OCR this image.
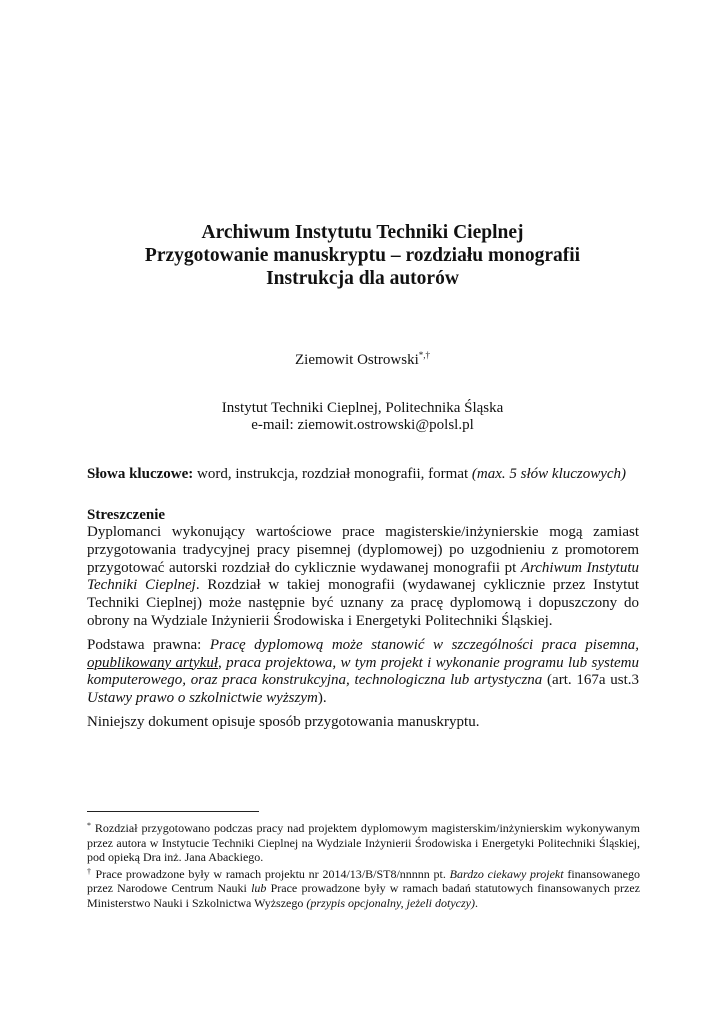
Archiwum Instytutu Techniki Cieplnej
Przygotowanie manuskryptu – rozdziału monografii
Instrukcja dla autorów
Ziemowit Ostrowski*,†
Instytut Techniki Cieplnej, Politechnika Śląska
e-mail: ziemowit.ostrowski@polsl.pl
Słowa kluczowe: word, instrukcja, rozdział monografii, format (max. 5 słów kluczowych)
Streszczenie

Dyplomanci wykonujący wartościowe prace magisterskie/inżynierskie mogą zamiast przygotowania tradycyjnej pracy pisemnej (dyplomowej) po uzgodnieniu z promotorem przygotować autorski rozdział do cyklicznie wydawanej monografii pt Archiwum Instytutu Techniki Cieplnej. Rozdział w takiej monografii (wydawanej cyklicznie przez Instytut Techniki Cieplnej) może następnie być uznany za pracę dyplomową i dopuszczony do obrony na Wydziale Inżynierii Środowiska i Energetyki Politechniki Śląskiej.

Podstawa prawna: Pracę dyplomową może stanowić w szczególności praca pisemna, opublikowany artykuł, praca projektowa, w tym projekt i wykonanie programu lub systemu komputerowego, oraz praca konstrukcyjna, technologiczna lub artystyczna (art. 167a ust.3 Ustawy prawo o szkolnictwie wyższym).

Niniejszy dokument opisuje sposób przygotowania manuskryptu.

* Rozdział przygotowano podczas pracy nad projektem dyplomowym magisterskim/inżynierskim wykonywanym przez autora w Instytucie Techniki Cieplnej na Wydziale Inżynierii Środowiska i Energetyki Politechniki Śląskiej, pod opieką Dra inż. Jana Abackiego.

† Prace prowadzone były w ramach projektu nr 2014/13/B/ST8/nnnnn pt. Bardzo ciekawy projekt finansowanego przez Narodowe Centrum Nauki lub Prace prowadzone były w ramach badań statutowych finansowanych przez Ministerstwo Nauki i Szkolnictwa Wyższego (przypis opcjonalny, jeżeli dotyczy).
